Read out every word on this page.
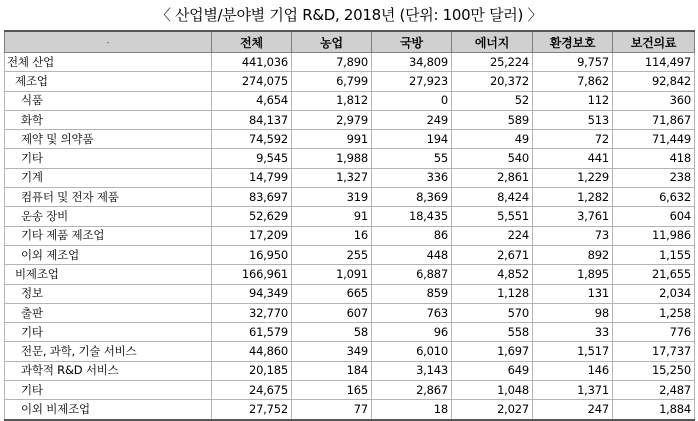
〈 산업별/분야별 기업 R&D, 2018년 (단위: 100만 달러) 〉
-	전체	농업	국방	에너지	환경보호	보건의료
전체 산업	441,036	7,890	34,809	25,224	9,757	114,497
제조업	274,075	6,799	27,923	20,372	7,862	92,842
식품	4,654	1,812	0	52	112	360
화학	84,137	2,979	249	589	513	71,867
제약 및 의약품	74,592	991	194	49	72	71,449
기타	9,545	1,988	55	540	441	418
기계	14,799	1,327	336	2,861	1,229	238
컴퓨터 및 전자 제품	83,697	319	8,369	8,424	1,282	6,632
운송 장비	52,629	91	18,435	5,551	3,761	604
기타 제품 제조업	17,209	16	86	224	73	11,986
이외 제조업	16,950	255	448	2,671	892	1,155
비제조업	166,961	1,091	6,887	4,852	1,895	21,655
정보	94,349	665	859	1,128	131	2,034
출판	32,770	607	763	570	98	1,258
기타	61,579	58	96	558	33	776
전문, 과학, 기술 서비스	44,860	349	6,010	1,697	1,517	17,737
과학적 R&D 서비스	20,185	184	3,143	649	146	15,250
기타	24,675	165	2,867	1,048	1,371	2,487
이외 비제조업	27,752	77	18	2,027	247	1,884
